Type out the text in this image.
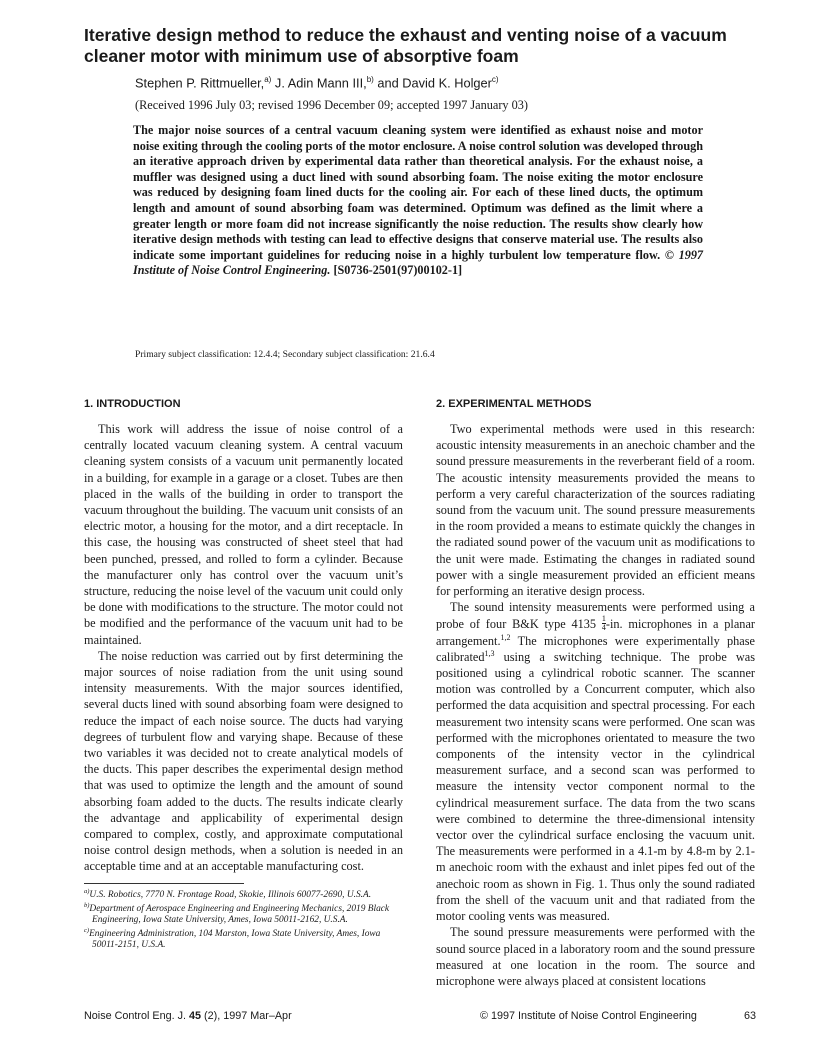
Iterative design method to reduce the exhaust and venting noise of a vacuum cleaner motor with minimum use of absorptive foam
Stephen P. Rittmueller,$^{a)}$ J. Adin Mann III,$^{b)}$ and David K. Holger$^{c)}$
(Received 1996 July 03; revised 1996 December 09; accepted 1997 January 03)

The major noise sources of a central vacuum cleaning system were identified as exhaust noise and motor noise exiting through the cooling ports of the motor enclosure. A noise control solution was developed through an iterative approach driven by experimental data rather than theoretical analysis. For the exhaust noise, a muffler was designed using a duct lined with sound absorbing foam. The noise exiting the motor enclosure was reduced by designing foam lined ducts for the cooling air. For each of these lined ducts, the optimum length and amount of sound absorbing foam was determined. Optimum was defined as the limit where a greater length or more foam did not increase significantly the noise reduction. The results show clearly how iterative design methods with testing can lead to effective designs that conserve material use. The results also indicate some important guidelines for reducing noise in a highly turbulent low temperature flow. © 1997 Institute of Noise Control Engineering. [S0736-2501(97)00102-1]

Primary subject classification: 12.4.4; Secondary subject classification: 21.6.4
1. INTRODUCTION	2. EXPERIMENTAL METHODS

This work will address the issue of noise control of a centrally located vacuum cleaning system. A central vacuum cleaning system consists of a vacuum unit permanently located in a building, for example in a garage or a closet. Tubes are then placed in the walls of the building in order to transport the vacuum throughout the building. The vacuum unit consists of an electric motor, a housing for the motor, and a dirt receptacle. In this case, the housing was constructed of sheet steel that had been punched, pressed, and rolled to form a cylinder. Because the manufacturer only has control over the vacuum unit’s structure, reducing the noise level of the vacuum unit could only be done with modifications to the structure. The motor could not be modified and the performance of the vacuum unit had to be maintained.

The noise reduction was carried out by first determining the major sources of noise radiation from the unit using sound intensity measurements. With the major sources identified, several ducts lined with sound absorbing foam were designed to reduce the impact of each noise source. The ducts had varying degrees of turbulent flow and varying shape. Because of these two variables it was decided not to create analytical models of the ducts. This paper describes the experimental design method that was used to optimize the length and the amount of sound absorbing foam added to the ducts. The results indicate clearly the advantage and applicability of experimental design compared to complex, costly, and approximate computational noise control design methods, when a solution is needed in an acceptable time and at an acceptable manufacturing cost.

Two experimental methods were used in this research: acoustic intensity measurements in an anechoic chamber and the sound pressure measurements in the reverberant field of a room. The acoustic intensity measurements provided the means to perform a very careful characterization of the sources radiating sound from the vacuum unit. The sound pressure measurements in the room provided a means to estimate quickly the changes in the radiated sound power of the vacuum unit as modifications to the unit were made. Estimating the changes in radiated sound power with a single measurement provided an efficient means for performing an iterative design process.

The sound intensity measurements were performed using a probe of four B&K type $4135 \frac{1}{4} -in$. microphones in a planar arrangement.$^{1,2}$ The microphones were experimentally phase calibrated$^{1,3}$ using a switching technique. The probe was positioned using a cylindrical robotic scanner. The scanner motion was controlled by a Concurrent computer, which also performed the data acquisition and spectral processing. For each measurement two intensity scans were performed. One scan was performed with the microphones orientated to measure the two components of the intensity vector in the cylindrical measurement surface, and a second scan was performed to measure the intensity vector component normal to the cylindrical measurement surface. The data from the two scans were combined to determine the three-dimensional intensity vector over the cylindrical surface enclosing the vacuum unit. The measurements were performed in a 4.1-m by 4.8-m by 2.1-m anechoic room with the exhaust and inlet pipes fed out of the anechoic room as shown in Fig. 1. Thus only the sound radiated from the shell of the vacuum unit and that radiated from the motor cooling vents was measured.

The sound pressure measurements were performed with the sound source placed in a laboratory room and the sound pressure measured at one location in the room. The source and microphone were always placed at consistent locations

$^{a)}$U.S. Robotics, 7770 N. Frontage Road, Skokie, Illinois 60077-2690, U.S.A.

$^{b)}$Department of Aerospace Engineering and Engineering Mechanics, 2019 Black Engineering, Iowa State University, Ames, Iowa 50011-2162, U.S.A.

$^{c)}$Engineering Administration, 104 Marston, Iowa State University, Ames, Iowa 50011-2151, U.S.A.

Noise Control Eng. J. 45 (2), 1997 Mar–Apr	© 1997 Institute of Noise Control Engineering	63
